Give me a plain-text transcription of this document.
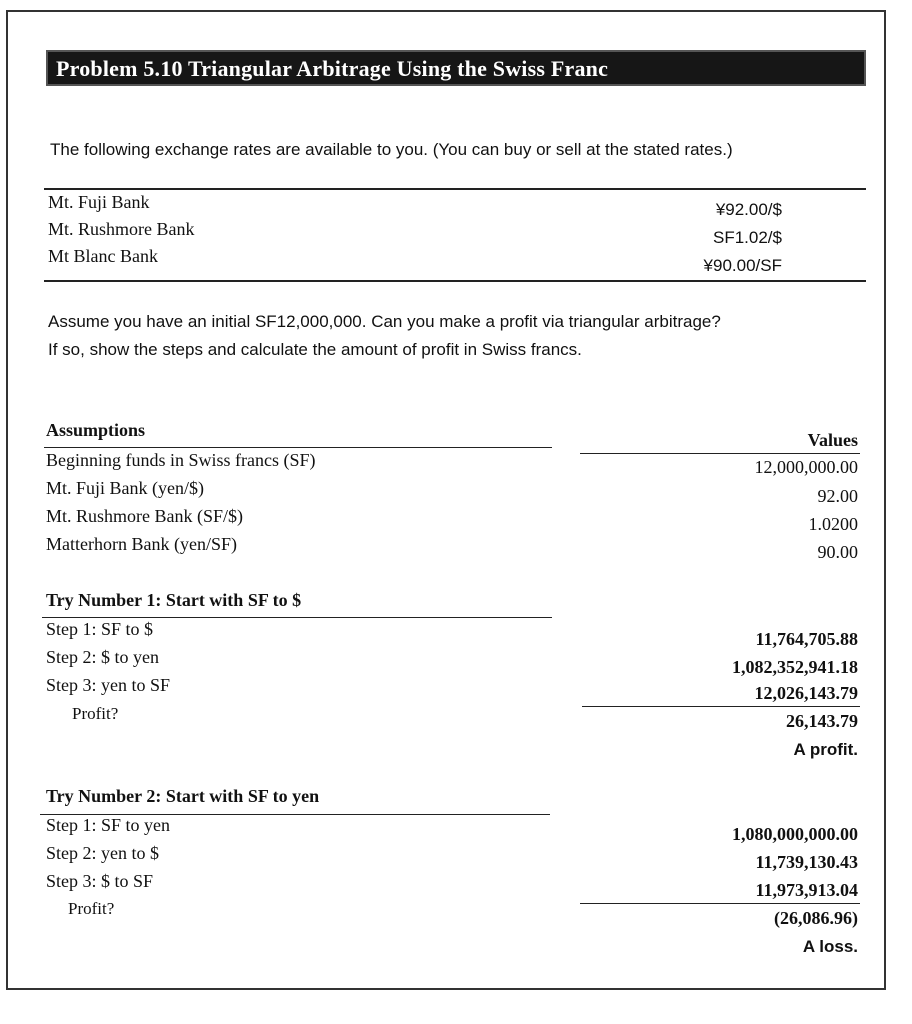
Problem 5.10 Triangular Arbitrage Using the Swiss Franc
The following exchange rates are available to you. (You can buy or sell at the stated rates.)
Mt. Fuji Bank	¥92.00/$
Mt. Rushmore Bank	SF1.02/$
Mt Blanc Bank	¥90.00/SF
Assume you have an initial SF12,000,000. Can you make a profit via triangular arbitrage?
If so, show the steps and calculate the amount of profit in Swiss francs.
Assumptions	Values
Beginning funds in Swiss francs (SF)	12,000,000.00
Mt. Fuji Bank (yen/$)	92.00
Mt. Rushmore Bank (SF/$)	1.0200
Matterhorn Bank (yen/SF)	90.00
Try Number 1: Start with SF to $
Step 1: SF to $	11,764,705.88
Step 2: $ to yen	1,082,352,941.18
Step 3: yen to SF	12,026,143.79
Profit?	26,143.79
A profit.
Try Number 2: Start with SF to yen
Step 1: SF to yen	1,080,000,000.00
Step 2: yen to $	11,739,130.43
Step 3: $ to SF	11,973,913.04
Profit?	(26,086.96)
A loss.
